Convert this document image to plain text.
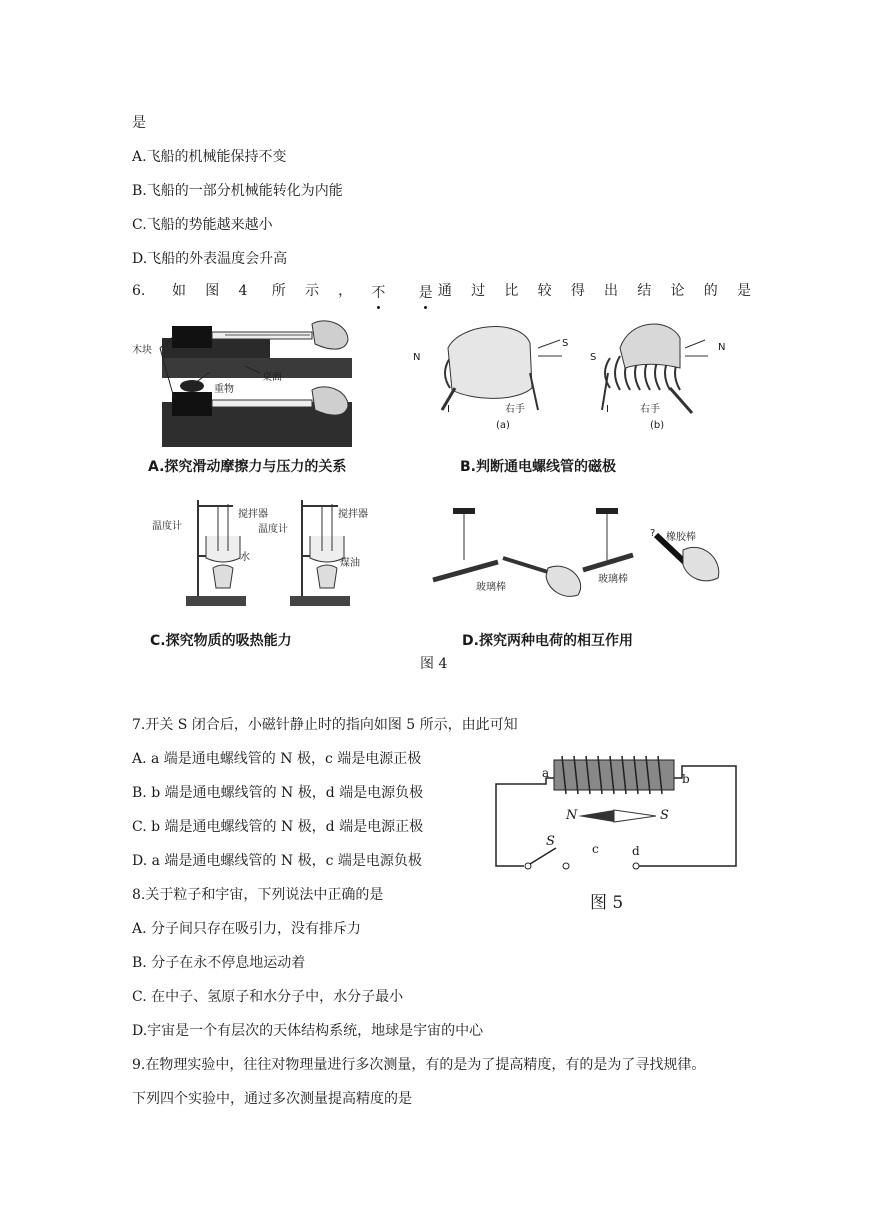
是
A.飞船的机械能保持不变
B.飞船的一部分机械能转化为内能
C.飞船的势能越来越小
D.飞船的外表温度会升高
6. 如 图 4 所 示 ， 不 是 通 过 比 较 得 出 结 论 的 是
木块
重物
桌面
A.探究滑动摩擦力与压力的关系
N
S
右手
(a)
I
S
N
右手
(b)
I
B.判断通电螺线管的磁极
搅拌器
温度计
水
搅拌器
温度计
煤油
C.探究物质的吸热能力
玻璃棒
玻璃棒
橡胶棒
?
D.探究两种电荷的相互作用
图 4
7.开关 S 闭合后，小磁针静止时的指向如图 5 所示，由此可知
A. a 端是通电螺线管的 N 极，c 端是电源正极
B. b 端是通电螺线管的 N 极，d 端是电源负极
C. b 端是通电螺线管的 N 极，d 端是电源正极
D. a 端是通电螺线管的 N 极，c 端是电源负极
a	b
N	S
S	c	d
图 5
8.关于粒子和宇宙，下列说法中正确的是
A. 分子间只存在吸引力，没有排斥力
B. 分子在永不停息地运动着
C. 在中子、氢原子和水分子中，水分子最小
D.宇宙是一个有层次的天体结构系统，地球是宇宙的中心
9.在物理实验中，往往对物理量进行多次测量，有的是为了提高精度，有的是为了寻找规律。
下列四个实验中，通过多次测量提高精度的是
